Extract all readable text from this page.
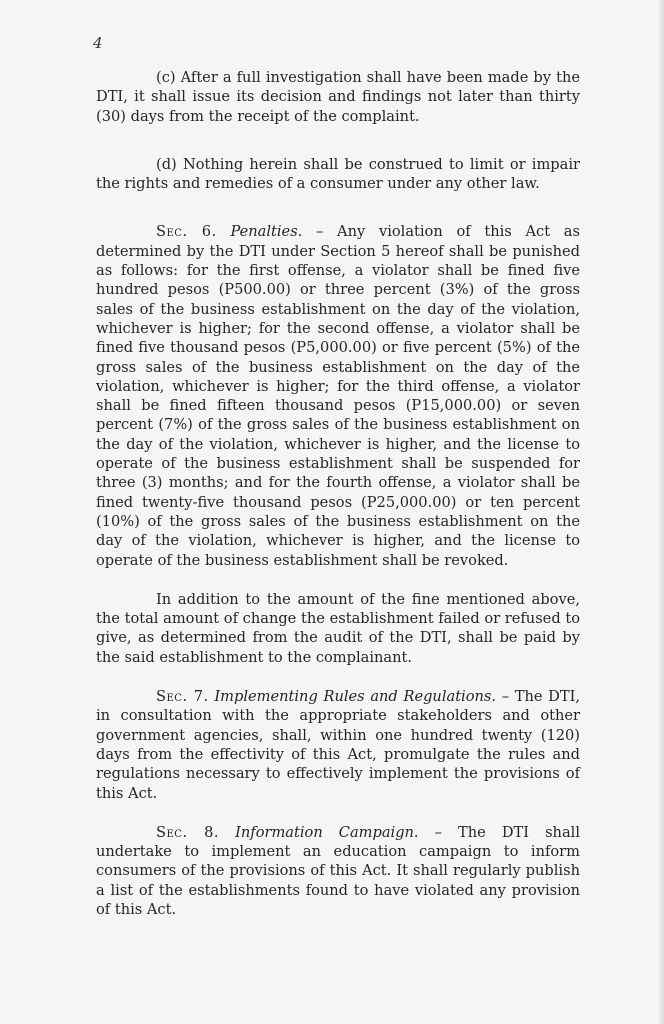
4

(c) After a full investigation shall have been made by the DTI, it shall issue its decision and findings not later than thirty (30) days from the receipt of the complaint.

(d) Nothing herein shall be construed to limit or impair the rights and remedies of a consumer under any other law.

Sec. 6. Penalties. – Any violation of this Act as determined by the DTI under Section 5 hereof shall be punished as follows: for the first offense, a violator shall be fined five hundred pesos (P500.00) or three percent (3%) of the gross sales of the business establishment on the day of the violation, whichever is higher; for the second offense, a violator shall be fined five thousand pesos (P5,000.00) or five percent (5%) of the gross sales of the business establishment on the day of the violation, whichever is higher; for the third offense, a violator shall be fined fifteen thousand pesos (P15,000.00) or seven percent (7%) of the gross sales of the business establishment on the day of the violation, whichever is higher, and the license to operate of the business establishment shall be suspended for three (3) months; and for the fourth offense, a violator shall be fined twenty-five thousand pesos (P25,000.00) or ten percent (10%) of the gross sales of the business establishment on the day of the violation, whichever is higher, and the license to operate of the business establishment shall be revoked.

In addition to the amount of the fine mentioned above, the total amount of change the establishment failed or refused to give, as determined from the audit of the DTI, shall be paid by the said establishment to the complainant.

Sec. 7. Implementing Rules and Regulations. – The DTI, in consultation with the appropriate stakeholders and other government agencies, shall, within one hundred twenty (120) days from the effectivity of this Act, promulgate the rules and regulations necessary to effectively implement the provisions of this Act.

Sec. 8. Information Campaign. – The DTI shall undertake to implement an education campaign to inform consumers of the provisions of this Act. It shall regularly publish a list of the establishments found to have violated any provision of this Act.
